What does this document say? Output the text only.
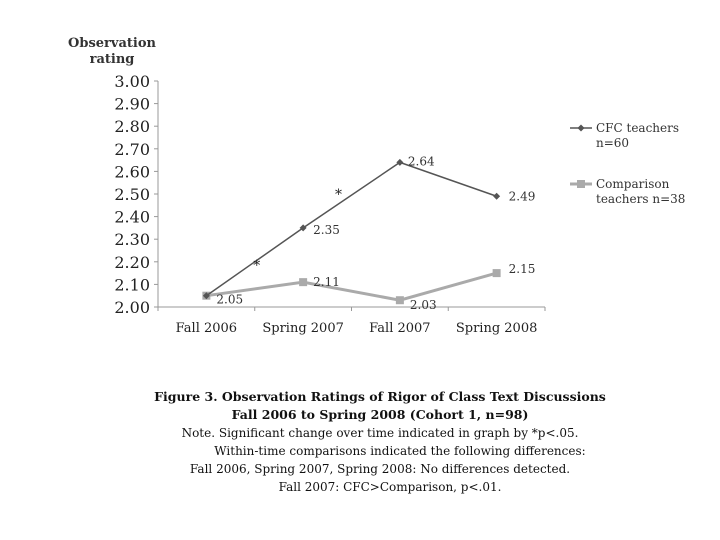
Observation
rating
2.00
2.10
2.20
2.30
2.40
2.50
2.60
2.70
2.80
2.90
3.00
Fall 2006 Spring 2007 Fall 2007 Spring 2008
2.35
2.64
2.49
2.05
2.11
2.03
2.15
*
*
CFC teachers
n=60
Comparison
teachers n=38
Figure 3. Observation Ratings of Rigor of Class Text Discussions
Fall 2006 to Spring 2008 (Cohort 1, n=98)
Note. Significant change over time indicated in graph by *p<.05.
Within-time comparisons indicated the following differences:
Fall 2006, Spring 2007, Spring 2008: No differences detected.
Fall 2007: CFC>Comparison, p<.01.
